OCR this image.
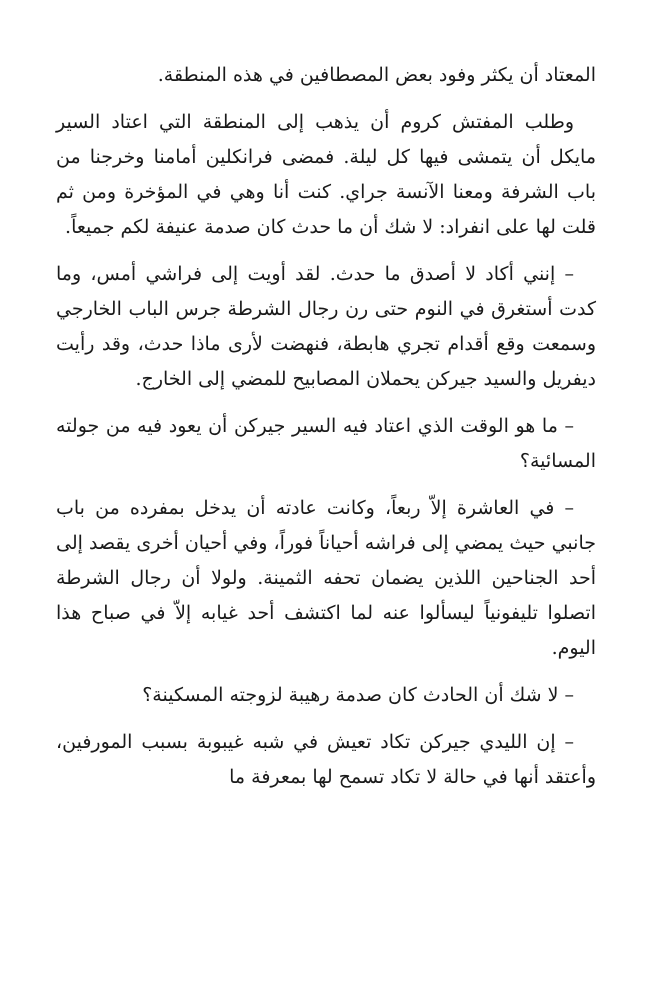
المعتاد أن يكثر وفود بعض المصطافين في هذه المنطقة.

وطلب المفتش كروم أن يذهب إلى المنطقة التي اعتاد السير مايكل أن يتمشى فيها كل ليلة. فمضى فرانكلين أمامنا وخرجنا من باب الشرفة ومعنا الآنسة جراي. كنت أنا وهي في المؤخرة ومن ثم قلت لها على انفراد: لا شك أن ما حدث كان صدمة عنيفة لكم جميعاً.

– إنني أكاد لا أصدق ما حدث. لقد أويت إلى فراشي أمس، وما كدت أستغرق في النوم حتى رن رجال الشرطة جرس الباب الخارجي وسمعت وقع أقدام تجري هابطة، فنهضت لأرى ماذا حدث، وقد رأيت ديفريل والسيد جيركن يحملان المصابيح للمضي إلى الخارج.

– ما هو الوقت الذي اعتاد فيه السير جيركن أن يعود فيه من جولته المسائية؟

– في العاشرة إلاّ ربعاً، وكانت عادته أن يدخل بمفرده من باب جانبي حيث يمضي إلى فراشه أحياناً فوراً، وفي أحيان أخرى يقصد إلى أحد الجناحين اللذين يضمان تحفه الثمينة. ولولا أن رجال الشرطة اتصلوا تليفونياً ليسألوا عنه لما اكتشف أحد غيابه إلاّ في صباح هذا اليوم.

– لا شك أن الحادث كان صدمة رهيبة لزوجته المسكينة؟

– إن الليدي جيركن تكاد تعيش في شبه غيبوبة بسبب المورفين، وأعتقد أنها في حالة لا تكاد تسمح لها بمعرفة ما
